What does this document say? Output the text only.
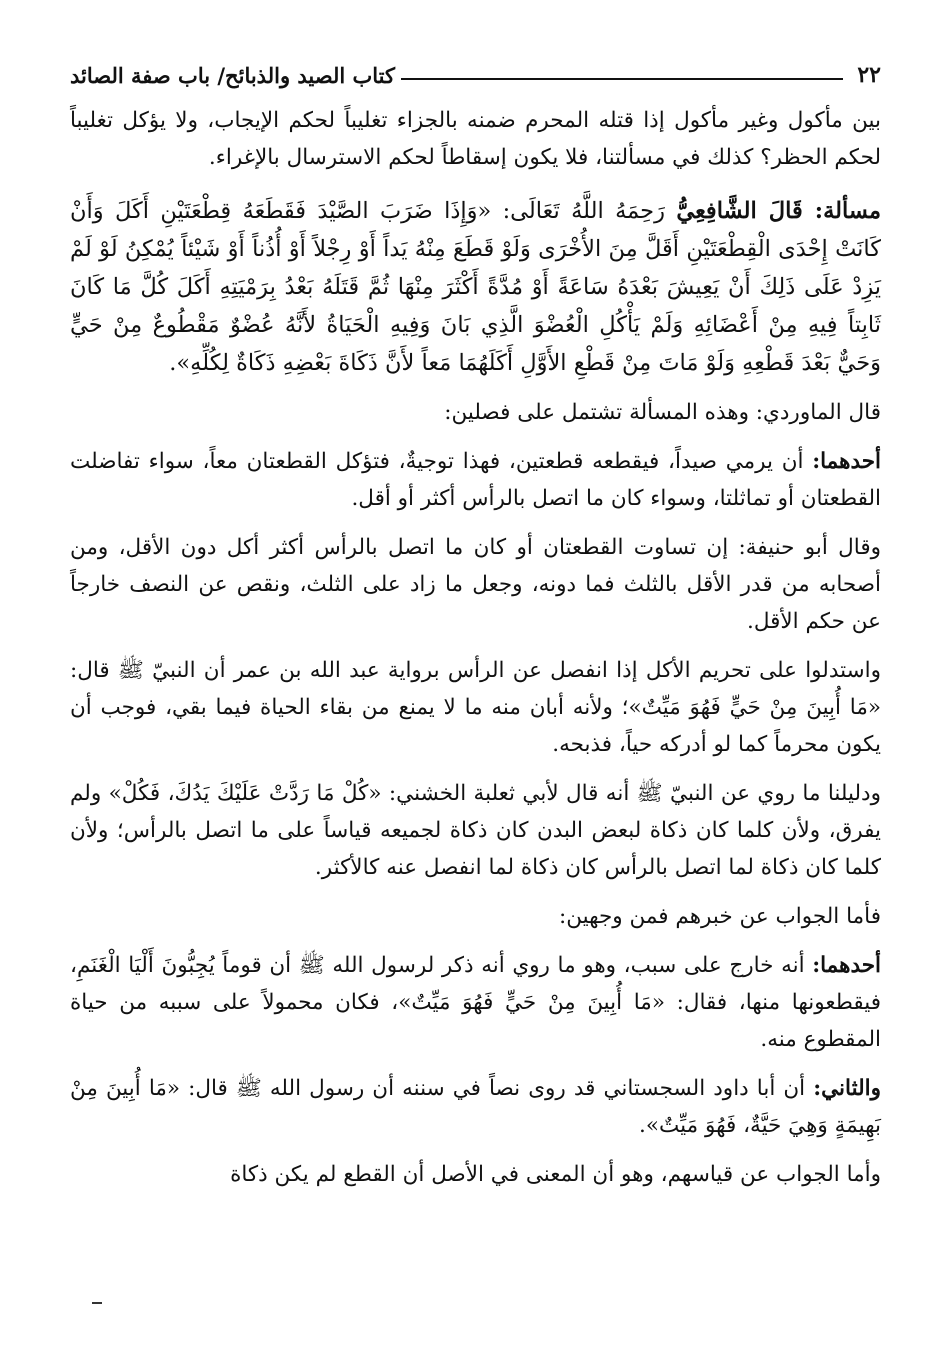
٢٢
كتاب الصيد والذبائح/ باب صفة الصائد

بين مأكول وغير مأكول إذا قتله المحرم ضمنه بالجزاء تغليباً لحكم الإيجاب، ولا يؤكل تغليباً لحكم الحظر؟ كذلك في مسألتنا، فلا يكون إسقاطاً لحكم الاسترسال بالإغراء.

مسألة: قَالَ الشَّافِعِيُّ رَحِمَهُ اللَّهُ تَعَالَى: «وَإِذَا ضَرَبَ الصَّيْدَ فَقَطَعَهُ قِطْعَتَيْنِ أَكَلَ وَأَنْ كَانَتْ إِحْدَى الْقِطْعَتَيْنِ أَقَلَّ مِنَ الأُخْرَى وَلَوْ قَطَعَ مِنْهُ يَداً أَوْ رِجْلاً أَوْ أُذُناً أَوْ شَيْئاً يُمْكِنُ لَوْ لَمْ يَزِدْ عَلَى ذَلِكَ أَنْ يَعِيشَ بَعْدَهُ سَاعَةً أَوْ مُدَّةً أَكْثَرَ مِنْهَا ثُمَّ قَتَلَهُ بَعْدُ بِرَمْيَتِهِ أَكَلَ كُلَّ مَا كَانَ ثَابِتاً فِيهِ مِنْ أَعْضَائِهِ وَلَمْ يَأْكُلِ الْعُضْوَ الَّذِي بَانَ وَفِيهِ الْحَيَاةُ لأَنَّهُ عُضْوٌ مَقْطُوعٌ مِنْ حَيٍّ وَحَيٌّ بَعْدَ قَطْعِهِ وَلَوْ مَاتَ مِنْ قَطْعِ الأَوَّلِ أَكَلَهُمَا مَعاً لأَنَّ ذَكَاةَ بَعْضِهِ ذَكَاةٌ لِكُلِّهِ».

قال الماوردي: وهذه المسألة تشتمل على فصلين:

أحدهما: أن يرمي صيداً، فيقطعه قطعتين، فهذا توجيةٌ، فتؤكل القطعتان معاً، سواء تفاضلت القطعتان أو تماثلتا، وسواء كان ما اتصل بالرأس أكثر أو أقل.

وقال أبو حنيفة: إن تساوت القطعتان أو كان ما اتصل بالرأس أكثر أكل دون الأقل، ومن أصحابه من قدر الأقل بالثلث فما دونه، وجعل ما زاد على الثلث، ونقص عن النصف خارجاً عن حكم الأقل.

واستدلوا على تحريم الأكل إذا انفصل عن الرأس برواية عبد الله بن عمر أن النبيّ ﷺ قال: «مَا أُبِينَ مِنْ حَيٍّ فَهُوَ مَيِّتٌ»؛ ولأنه أبان منه ما لا يمنع من بقاء الحياة فيما بقي، فوجب أن يكون محرماً كما لو أدركه حياً، فذبحه.

ودليلنا ما روي عن النبيّ ﷺ أنه قال لأبي ثعلبة الخشني: «كُلْ مَا رَدَّتْ عَلَيْكَ يَدُكَ، فَكُلْ» ولم يفرق، ولأن كلما كان ذكاة لبعض البدن كان ذكاة لجميعه قياساً على ما اتصل بالرأس؛ ولأن كلما كان ذكاة لما اتصل بالرأس كان ذكاة لما انفصل عنه كالأكثر.

فأما الجواب عن خبرهم فمن وجهين:

أحدهما: أنه خارج على سبب، وهو ما روي أنه ذكر لرسول الله ﷺ أن قوماً يُجِبُّونَ أَلْيَا الْغَنَمِ، فيقطعونها منها، فقال: «مَا أُبِينَ مِنْ حَيٍّ فَهُوَ مَيِّتٌ»، فكان محمولاً على سببه من حياة المقطوع منه.

والثاني: أن أبا داود السجستاني قد روى نصاً في سننه أن رسول الله ﷺ قال: «مَا أُبِينَ مِنْ بَهِيمَةٍ وَهِيَ حَيَّةٌ، فَهُوَ مَيِّتٌ».

وأما الجواب عن قياسهم، وهو أن المعنى في الأصل أن القطع لم يكن ذكاة
